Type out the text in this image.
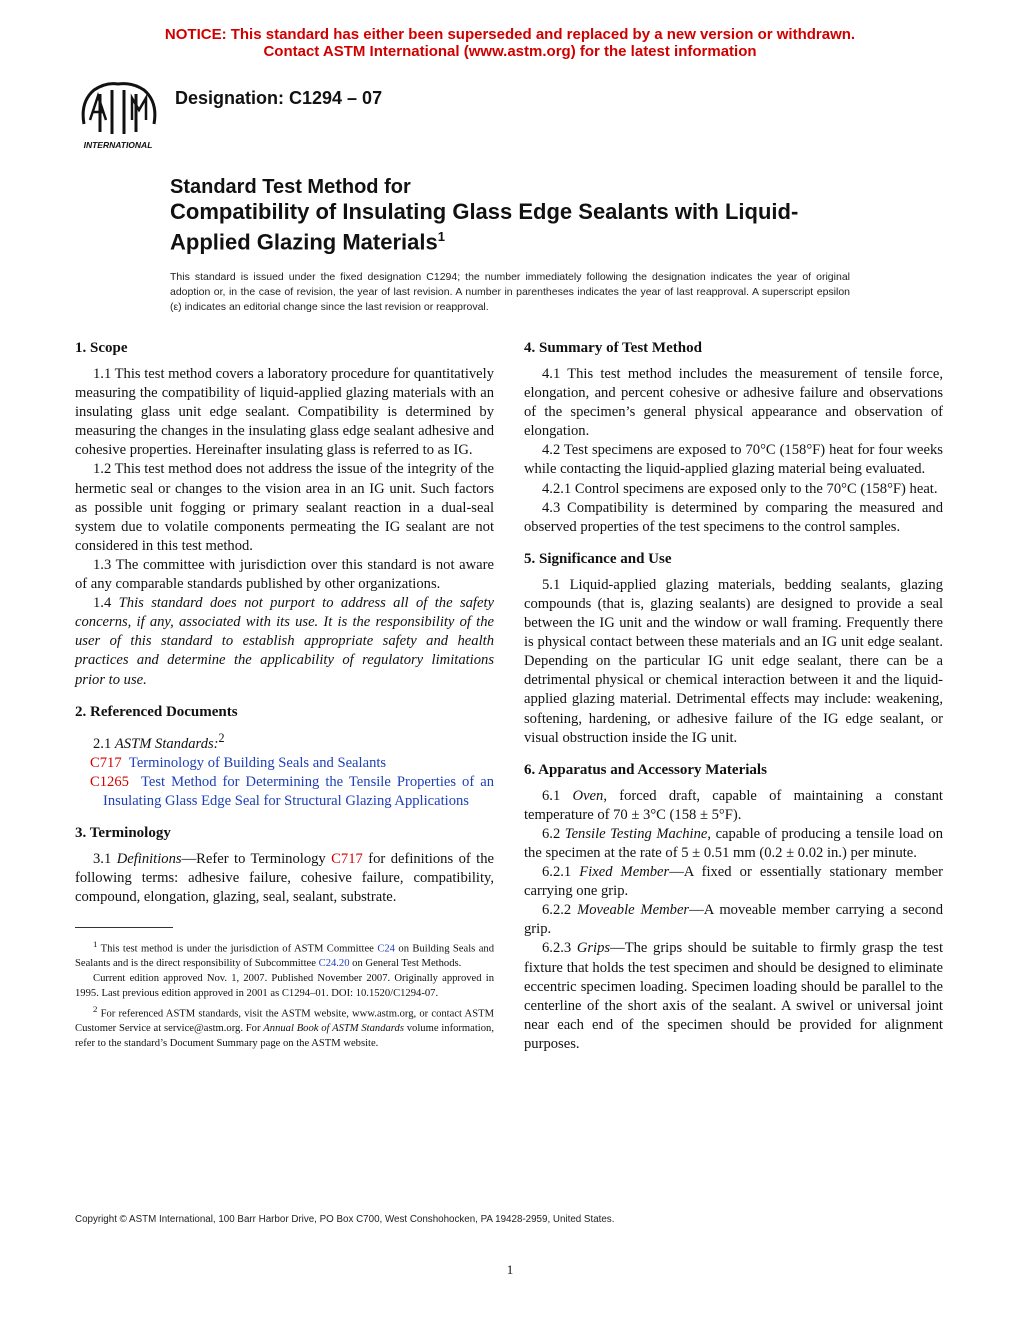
NOTICE: This standard has either been superseded and replaced by a new version or withdrawn.
Contact ASTM International (www.astm.org) for the latest information
INTERNATIONAL
Designation: C1294 – 07
Standard Test Method for
Compatibility of Insulating Glass Edge Sealants with Liquid-
Applied Glazing Materials$^1$
This standard is issued under the fixed designation C1294; the number immediately following the designation indicates the year of original adoption or, in the case of revision, the year of last revision. A number in parentheses indicates the year of last reapproval. A superscript epsilon (ε) indicates an editorial change since the last revision or reapproval.
1. Scope

1.1 This test method covers a laboratory procedure for quantitatively measuring the compatibility of liquid-applied glazing materials with an insulating glass unit edge sealant. Compatibility is determined by measuring the changes in the insulating glass edge sealant adhesive and cohesive properties. Hereinafter insulating glass is referred to as IG.

1.2 This test method does not address the issue of the integrity of the hermetic seal or changes to the vision area in an IG unit. Such factors as possible unit fogging or primary sealant reaction in a dual-seal system due to volatile components permeating the IG sealant are not considered in this test method.

1.3 The committee with jurisdiction over this standard is not aware of any comparable standards published by other organizations.

1.4 This standard does not purport to address all of the safety concerns, if any, associated with its use. It is the responsibility of the user of this standard to establish appropriate safety and health practices and determine the applicability of regulatory limitations prior to use.

2. Referenced Documents

2.1 ASTM Standards:$^2$

C717 Terminology of Building Seals and Sealants

C1265 Test Method for Determining the Tensile Properties of an Insulating Glass Edge Seal for Structural Glazing Applications

3. Terminology

3.1 Definitions—Refer to Terminology C717 for definitions of the following terms: adhesive failure, cohesive failure, compatibility, compound, elongation, glazing, seal, sealant, substrate.

$^1$ This test method is under the jurisdiction of ASTM Committee C24 on Building Seals and Sealants and is the direct responsibility of Subcommittee C24.20 on General Test Methods.

Current edition approved Nov. 1, 2007. Published November 2007. Originally approved in 1995. Last previous edition approved in 2001 as C1294–01. DOI: 10.1520/C1294-07.

$^2$ For referenced ASTM standards, visit the ASTM website, www.astm.org, or contact ASTM Customer Service at service@astm.org. For Annual Book of ASTM Standards volume information, refer to the standard’s Document Summary page on the ASTM website.

4. Summary of Test Method

4.1 This test method includes the measurement of tensile force, elongation, and percent cohesive or adhesive failure and observations of the specimen’s general physical appearance and observation of elongation.

4.2 Test specimens are exposed to 70°C (158°F) heat for four weeks while contacting the liquid-applied glazing material being evaluated.

4.2.1 Control specimens are exposed only to the 70°C (158°F) heat.

4.3 Compatibility is determined by comparing the measured and observed properties of the test specimens to the control samples.

5. Significance and Use

5.1 Liquid-applied glazing materials, bedding sealants, glazing compounds (that is, glazing sealants) are designed to provide a seal between the IG unit and the window or wall framing. Frequently there is physical contact between these materials and an IG unit edge sealant. Depending on the particular IG unit edge sealant, there can be a detrimental physical or chemical interaction between it and the liquid-applied glazing material. Detrimental effects may include: weakening, softening, hardening, or adhesive failure of the IG edge sealant, or visual obstruction inside the IG unit.

6. Apparatus and Accessory Materials

6.1 Oven, forced draft, capable of maintaining a constant temperature of 70 ± 3°C (158 ± 5°F).

6.2 Tensile Testing Machine, capable of producing a tensile load on the specimen at the rate of 5 ± 0.51 mm (0.2 ± 0.02 in.) per minute.

6.2.1 Fixed Member—A fixed or essentially stationary member carrying one grip.

6.2.2 Moveable Member—A moveable member carrying a second grip.

6.2.3 Grips—The grips should be suitable to firmly grasp the test fixture that holds the test specimen and should be designed to eliminate eccentric specimen loading. Specimen loading should be parallel to the centerline of the short axis of the sealant. A swivel or universal joint near each end of the specimen should be provided for alignment purposes.

Copyright © ASTM International, 100 Barr Harbor Drive, PO Box C700, West Conshohocken, PA 19428-2959, United States.
1
